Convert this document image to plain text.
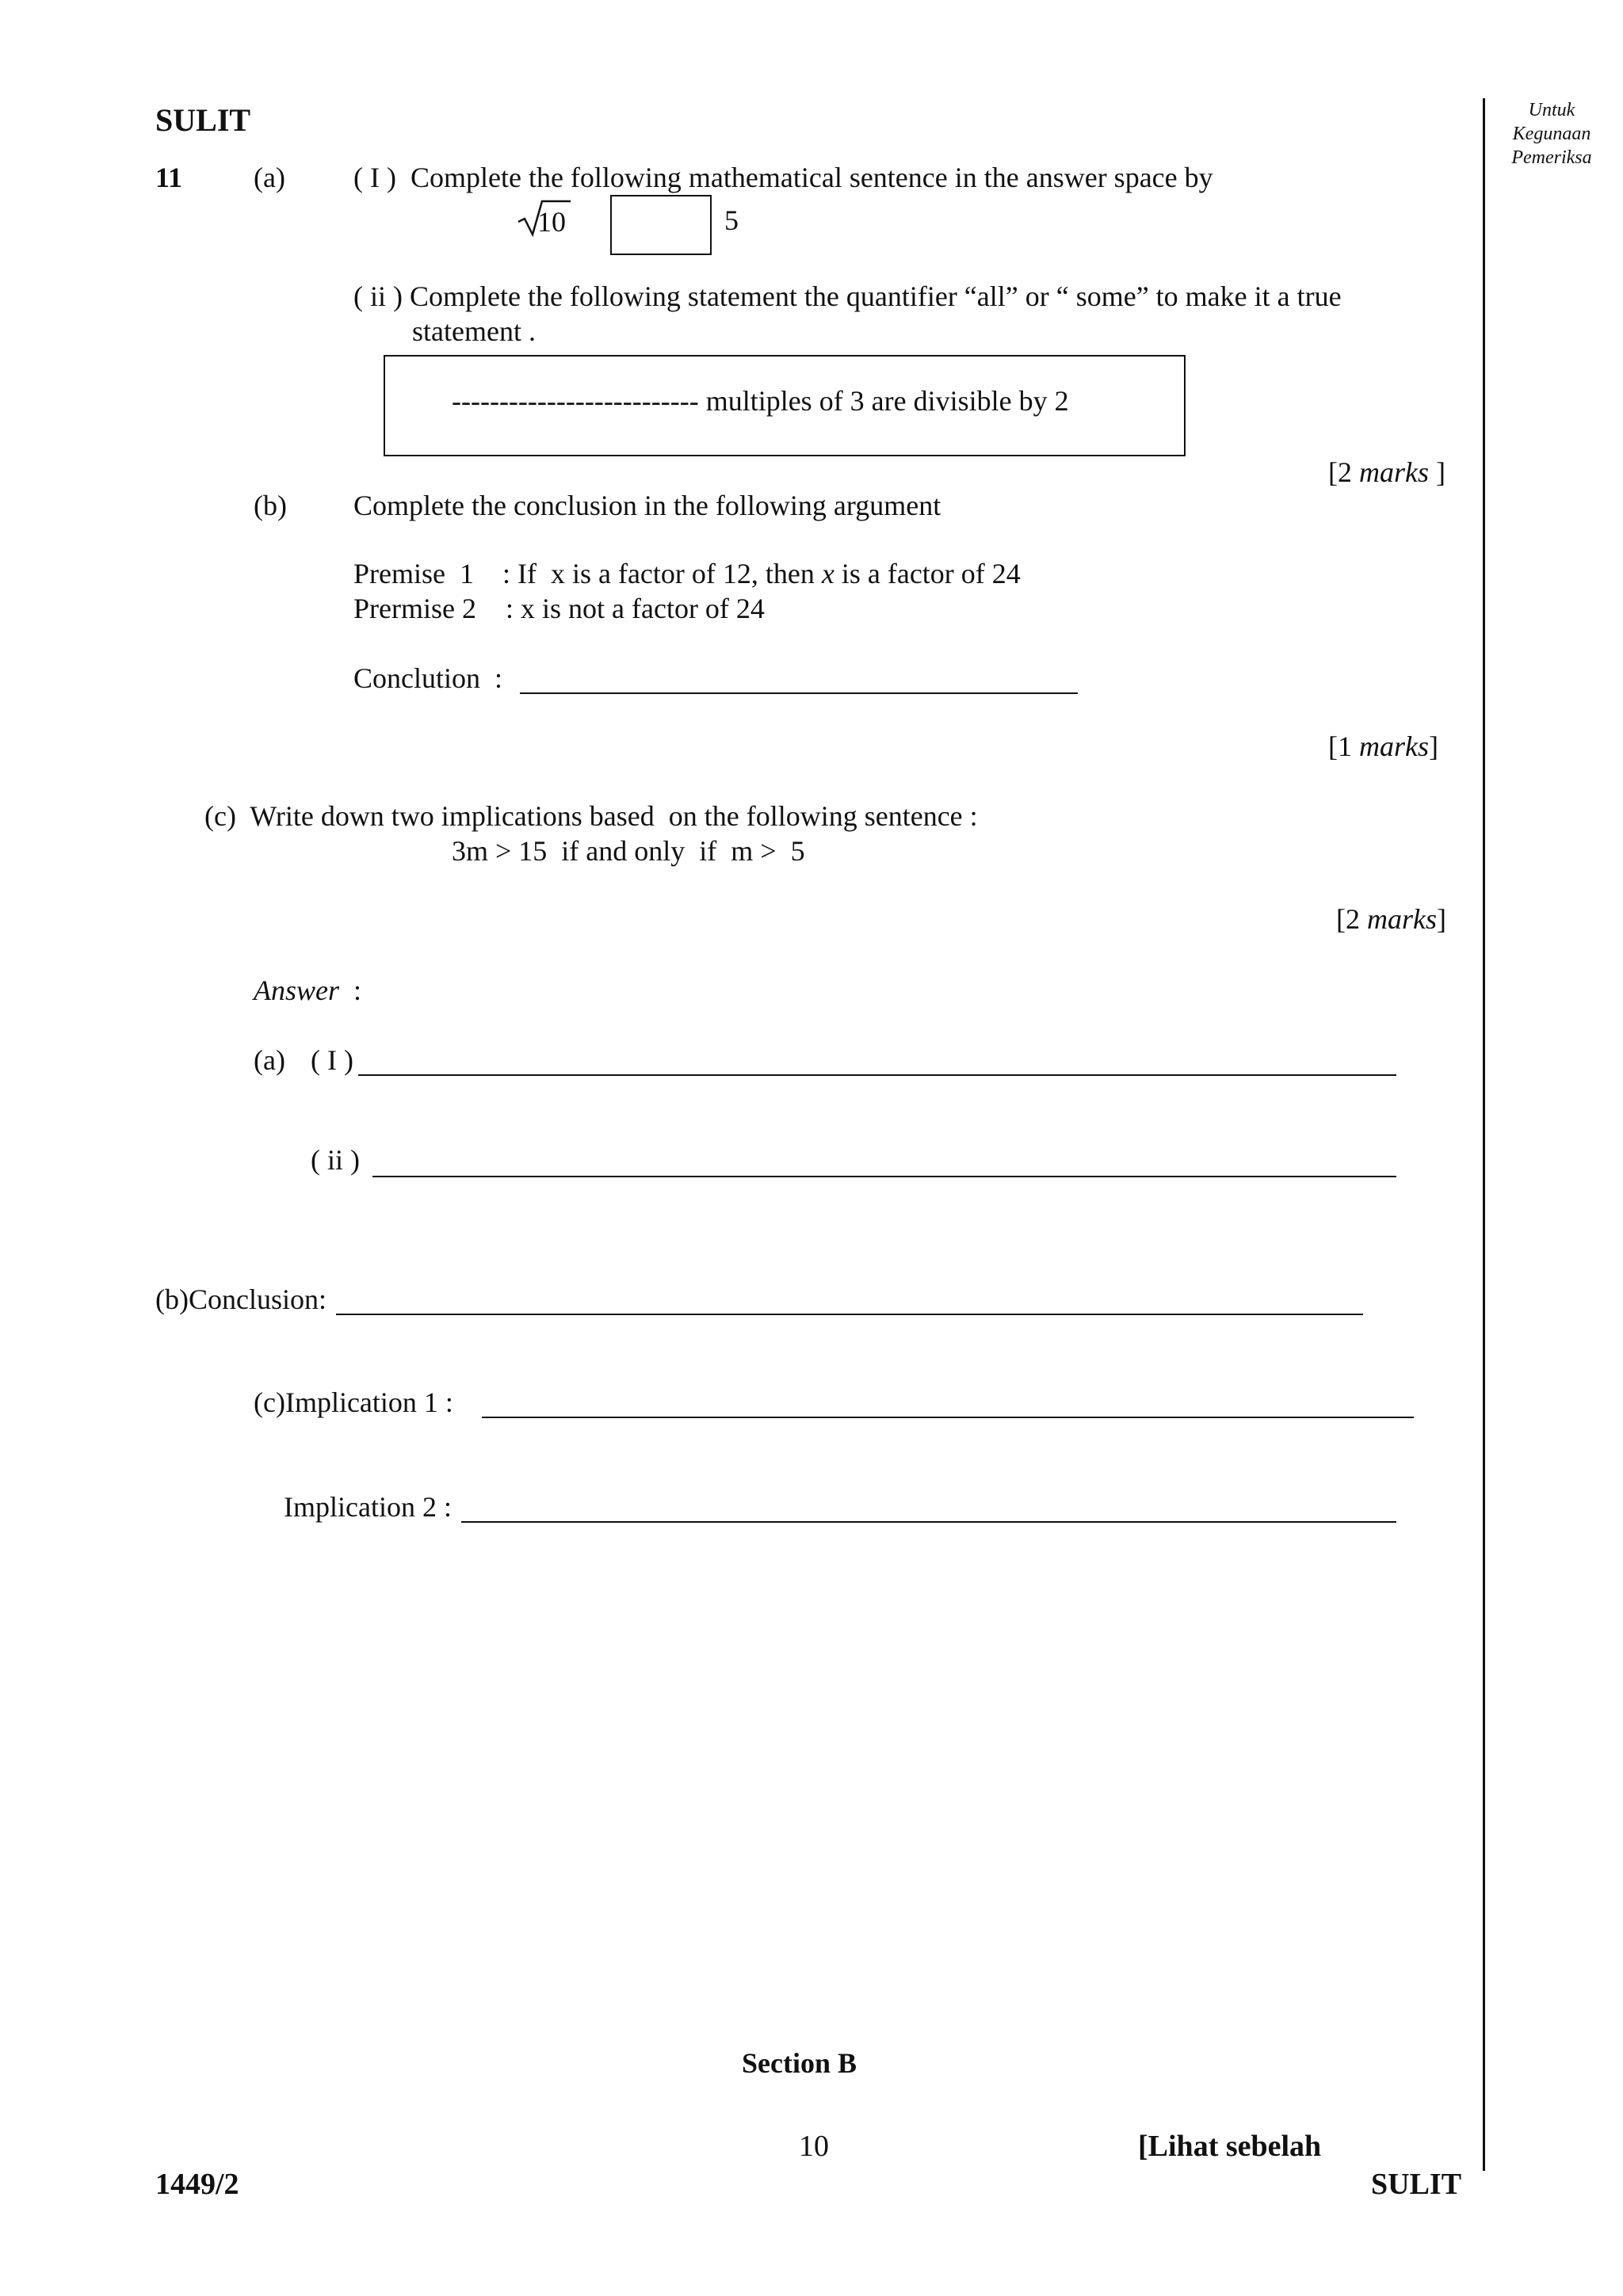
SULIT	Untuk
Kegunaan
Pemeriksa
11 (a) ( I )  Complete the following mathematical sentence in the answer space by
10	5
( ii ) Complete the following statement the quantifier “all” or “ some” to make it a true
statement .
-------------------------- multiples of 3 are divisible by 2
[2 marks ]
(b) Complete the conclusion in the following argument
Premise  1 : If  x is a factor of 12, then x is a factor of 24
Prermise 2 : x is not a factor of 24
Conclution  :
[1 marks]
(c)  Write down two implications based  on the following sentence :
3m > 15  if and only  if  m >  5
[2 marks]
Answer  :
(a) ( I )
( ii )
(b)Conclusion:
(c)Implication 1 :
Implication 2 :
Section B
10	[Lihat sebelah
1449/2	SULIT
